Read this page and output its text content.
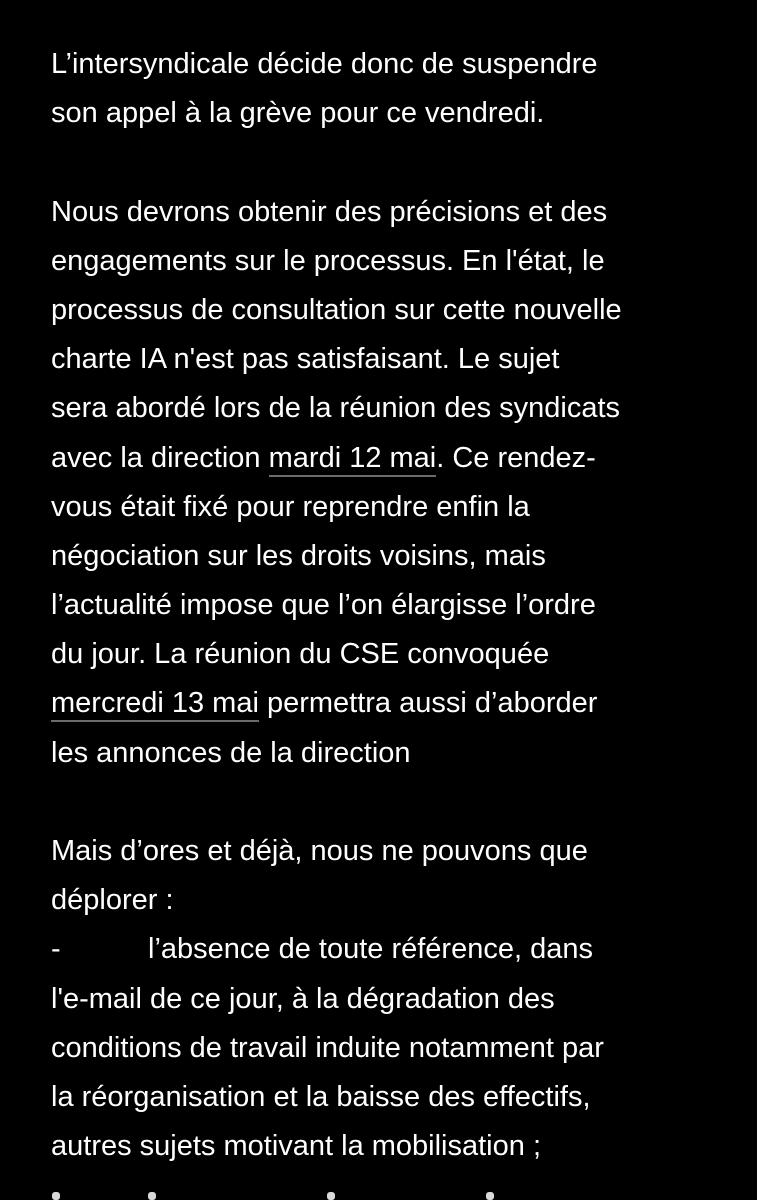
L’intersyndicale décide donc de suspendre
son appel à la grève pour ce vendredi.
Nous devrons obtenir des précisions et des
engagements sur le processus. En l'état, le
processus de consultation sur cette nouvelle
charte IA n'est pas satisfaisant. Le sujet
sera abordé lors de la réunion des syndicats
avec la direction mardi 12 mai. Ce rendez-
vous était fixé pour reprendre enfin la
négociation sur les droits voisins, mais
l’actualité impose que l’on élargisse l’ordre
du jour. La réunion du CSE convoquée
mercredi 13 mai permettra aussi d’aborder
les annonces de la direction
Mais d’ores et déjà, nous ne pouvons que
déplorer :
-	l’absence de toute référence, dans
l'e-mail de ce jour, à la dégradation des
conditions de travail induite notamment par
la réorganisation et la baisse des effectifs,
autres sujets motivant la mobilisation ;
